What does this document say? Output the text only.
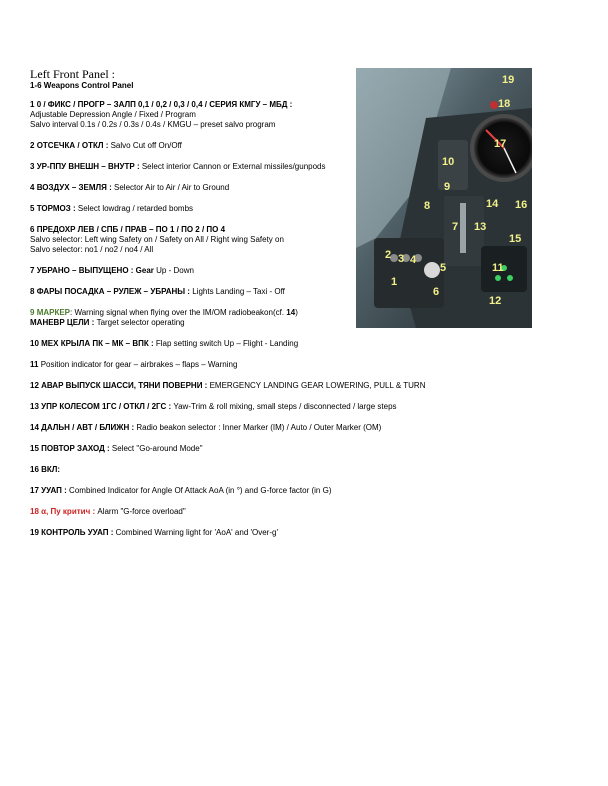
Left Front Panel :
1-6 Weapons Control Panel
1 0 / ФИКС / ПРОГР – ЗАЛП 0,1 / 0,2 / 0,3 / 0,4 / СЕРИЯ КМГУ – МБД :
Adjustable Depression Angle / Fixed / Program
Salvo interval 0.1s / 0.2s / 0.3s / 0.4s / KMGU – preset salvo program
2 ОТСЕЧКА / ОТКЛ : Salvo Cut off On/Off
3 УР-ППУ ВНЕШН – ВНУТР : Select interior Cannon or External missiles/gunpods
4 ВОЗДУХ – ЗЕМЛЯ : Selector Air to Air / Air to Ground
5 ТОРМОЗ : Select lowdrag / retarded bombs
6 ПРЕДОХР ЛЕВ / СПБ / ПРАВ – ПО 1 / ПО 2 / ПО 4
Salvo selector: Left wing Safety on / Safety on All / Right wing Safety on
Salvo selector: no1 / no2 / no4 / All
7 УБРАНО – ВЫПУЩЕНО : Gear Up - Down
8 ФАРЫ ПОСАДКА – РУЛЕЖ – УБРАНЫ : Lights Landing – Taxi - Off
9 МАРКЕР: Warning signal when flying over the IM/OM radiobeakon(cf. 14)
МАНЕВР ЦЕЛИ : Target selector operating
10 МЕХ КРЫЛА ПК – МК – ВПК : Flap setting switch Up – Flight - Landing
11 Position indicator for gear – airbrakes – flaps – Warning
12 АВАР ВЫПУСК ШАССИ, ТЯНИ ПОВЕРНИ : EMERGENCY LANDING GEAR LOWERING, PULL & TURN
13 УПР КОЛЕСОМ 1ГС / ОТКЛ / 2ГС : Yaw-Trim & roll mixing, small steps / disconnected / large steps
14 ДАЛЬН / АВТ / БЛИЖН : Radio beakon selector : Inner Marker (IM) / Auto / Outer Marker (OM)
15 ПОВТОР ЗАХОД : Select "Go-around Mode"
16 ВКЛ:
17 УУАП : Combined Indicator for Angle Of Attack AoA (in °) and G-force factor (in G)
18 α, Пу критич : Alarm "G-force overload"
19 КОНТРОЛЬ УУАП : Combined Warning light for 'AoA' and 'Over-g'
19
18
17
10
9
8	14 16
7 13
15
2 3 4
5	11
1
6
12
